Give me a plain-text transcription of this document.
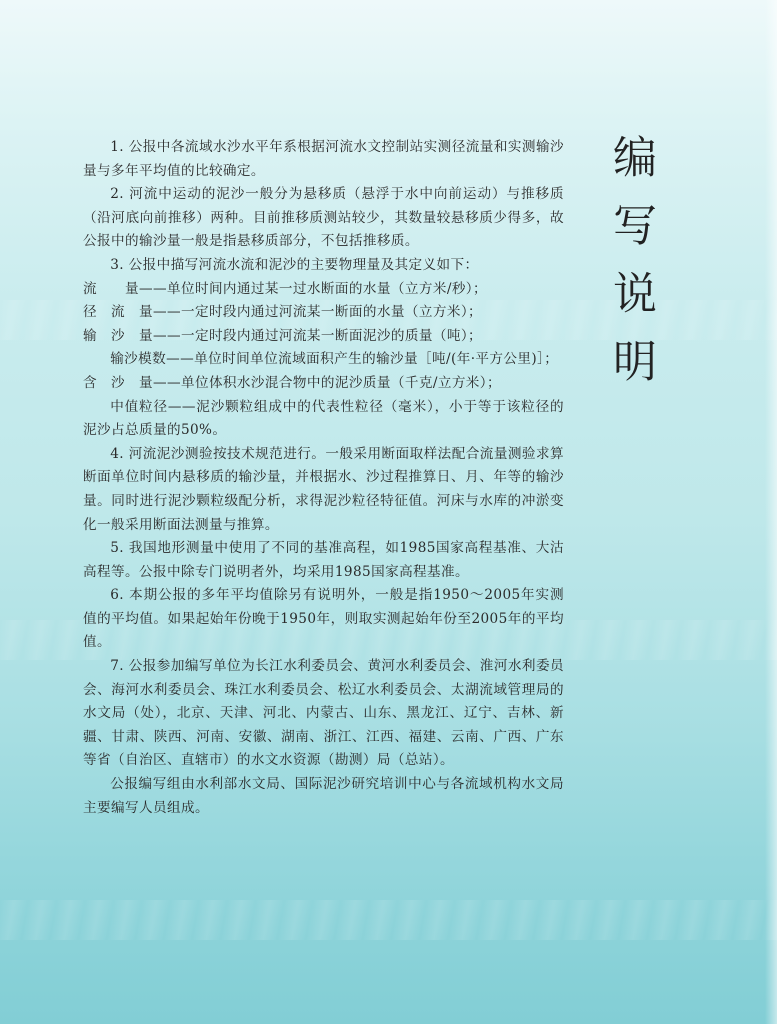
1. 公报中各流域水沙水平年系根据河流水文控制站实测径流量和实测输沙量与多年平均值的比较确定。

2. 河流中运动的泥沙一般分为悬移质（悬浮于水中向前运动）与推移质（沿河底向前推移）两种。目前推移质测站较少，其数量较悬移质少得多，故公报中的输沙量一般是指悬移质部分，不包括推移质。

3. 公报中描写河流水流和泥沙的主要物理量及其定义如下：

流　　量——单位时间内通过某一过水断面的水量（立方米/秒）；

径　流　量——一定时段内通过河流某一断面的水量（立方米）；

输　沙　量——一定时段内通过河流某一断面泥沙的质量（吨）；

输沙模数——单位时间单位流域面积产生的输沙量［吨/(年·平方公里)］；

含　沙　量——单位体积水沙混合物中的泥沙质量（千克/立方米）；

中值粒径——泥沙颗粒组成中的代表性粒径（毫米），小于等于该粒径的泥沙占总质量的50%。

4. 河流泥沙测验按技术规范进行。一般采用断面取样法配合流量测验求算断面单位时间内悬移质的输沙量，并根据水、沙过程推算日、月、年等的输沙量。同时进行泥沙颗粒级配分析，求得泥沙粒径特征值。河床与水库的冲淤变化一般采用断面法测量与推算。

5. 我国地形测量中使用了不同的基准高程，如1985国家高程基准、大沽高程等。公报中除专门说明者外，均采用1985国家高程基准。

6. 本期公报的多年平均值除另有说明外，一般是指1950～2005年实测值的平均值。如果起始年份晚于1950年，则取实测起始年份至2005年的平均值。

7. 公报参加编写单位为长江水利委员会、黄河水利委员会、淮河水利委员会、海河水利委员会、珠江水利委员会、松辽水利委员会、太湖流域管理局的水文局（处），北京、天津、河北、内蒙古、山东、黑龙江、辽宁、吉林、新疆、甘肃、陕西、河南、安徽、湖南、浙江、江西、福建、云南、广西、广东等省（自治区、直辖市）的水文水资源（勘测）局（总站）。

公报编写组由水利部水文局、国际泥沙研究培训中心与各流域机构水文局主要编写人员组成。

编写说明
